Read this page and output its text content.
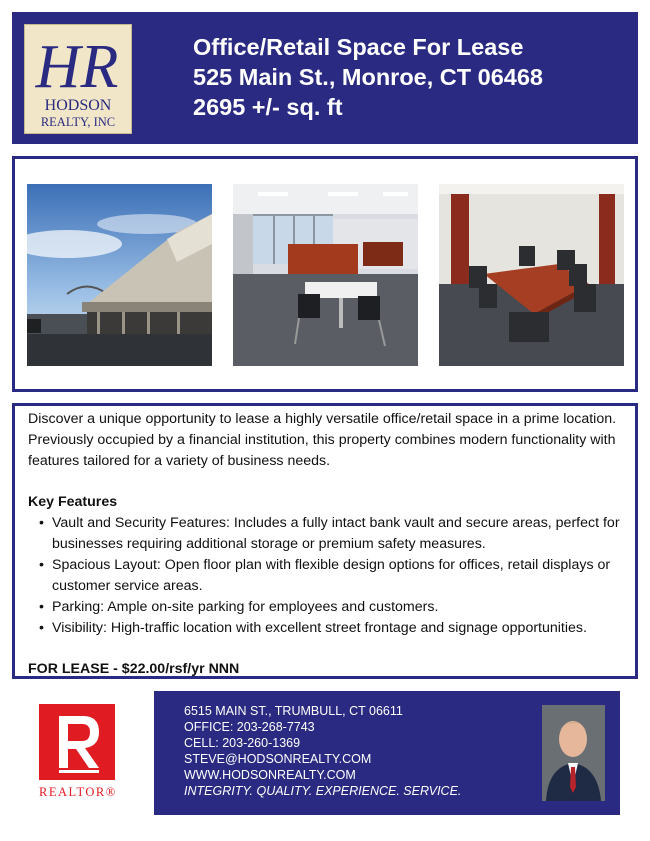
HR
HODSON
REALTY, INC
Office/Retail Space For Lease
525 Main St., Monroe, CT 06468
2695 +/- sq. ft

Discover a unique opportunity to lease a highly versatile office/retail space in a prime location. Previously occupied by a financial institution, this property combines modern functionality with features tailored for a variety of business needs.

Key Features

• Vault and Security Features: Includes a fully intact bank vault and secure areas, perfect for businesses requiring additional storage or premium safety measures.
• Spacious Layout: Open floor plan with flexible design options for offices, retail displays or customer service areas.
• Parking: Ample on-site parking for employees and customers.
• Visibility: High-traffic location with excellent street frontage and signage opportunities.

FOR LEASE - $22.00/rsf/yr NNN

REALTOR®
6515 MAIN ST., TRUMBULL, CT 06611
OFFICE: 203-268-7743
CELL: 203-260-1369
STEVE@HODSONREALTY.COM
WWW.HODSONREALTY.COM
INTEGRITY. QUALITY. EXPERIENCE. SERVICE.
